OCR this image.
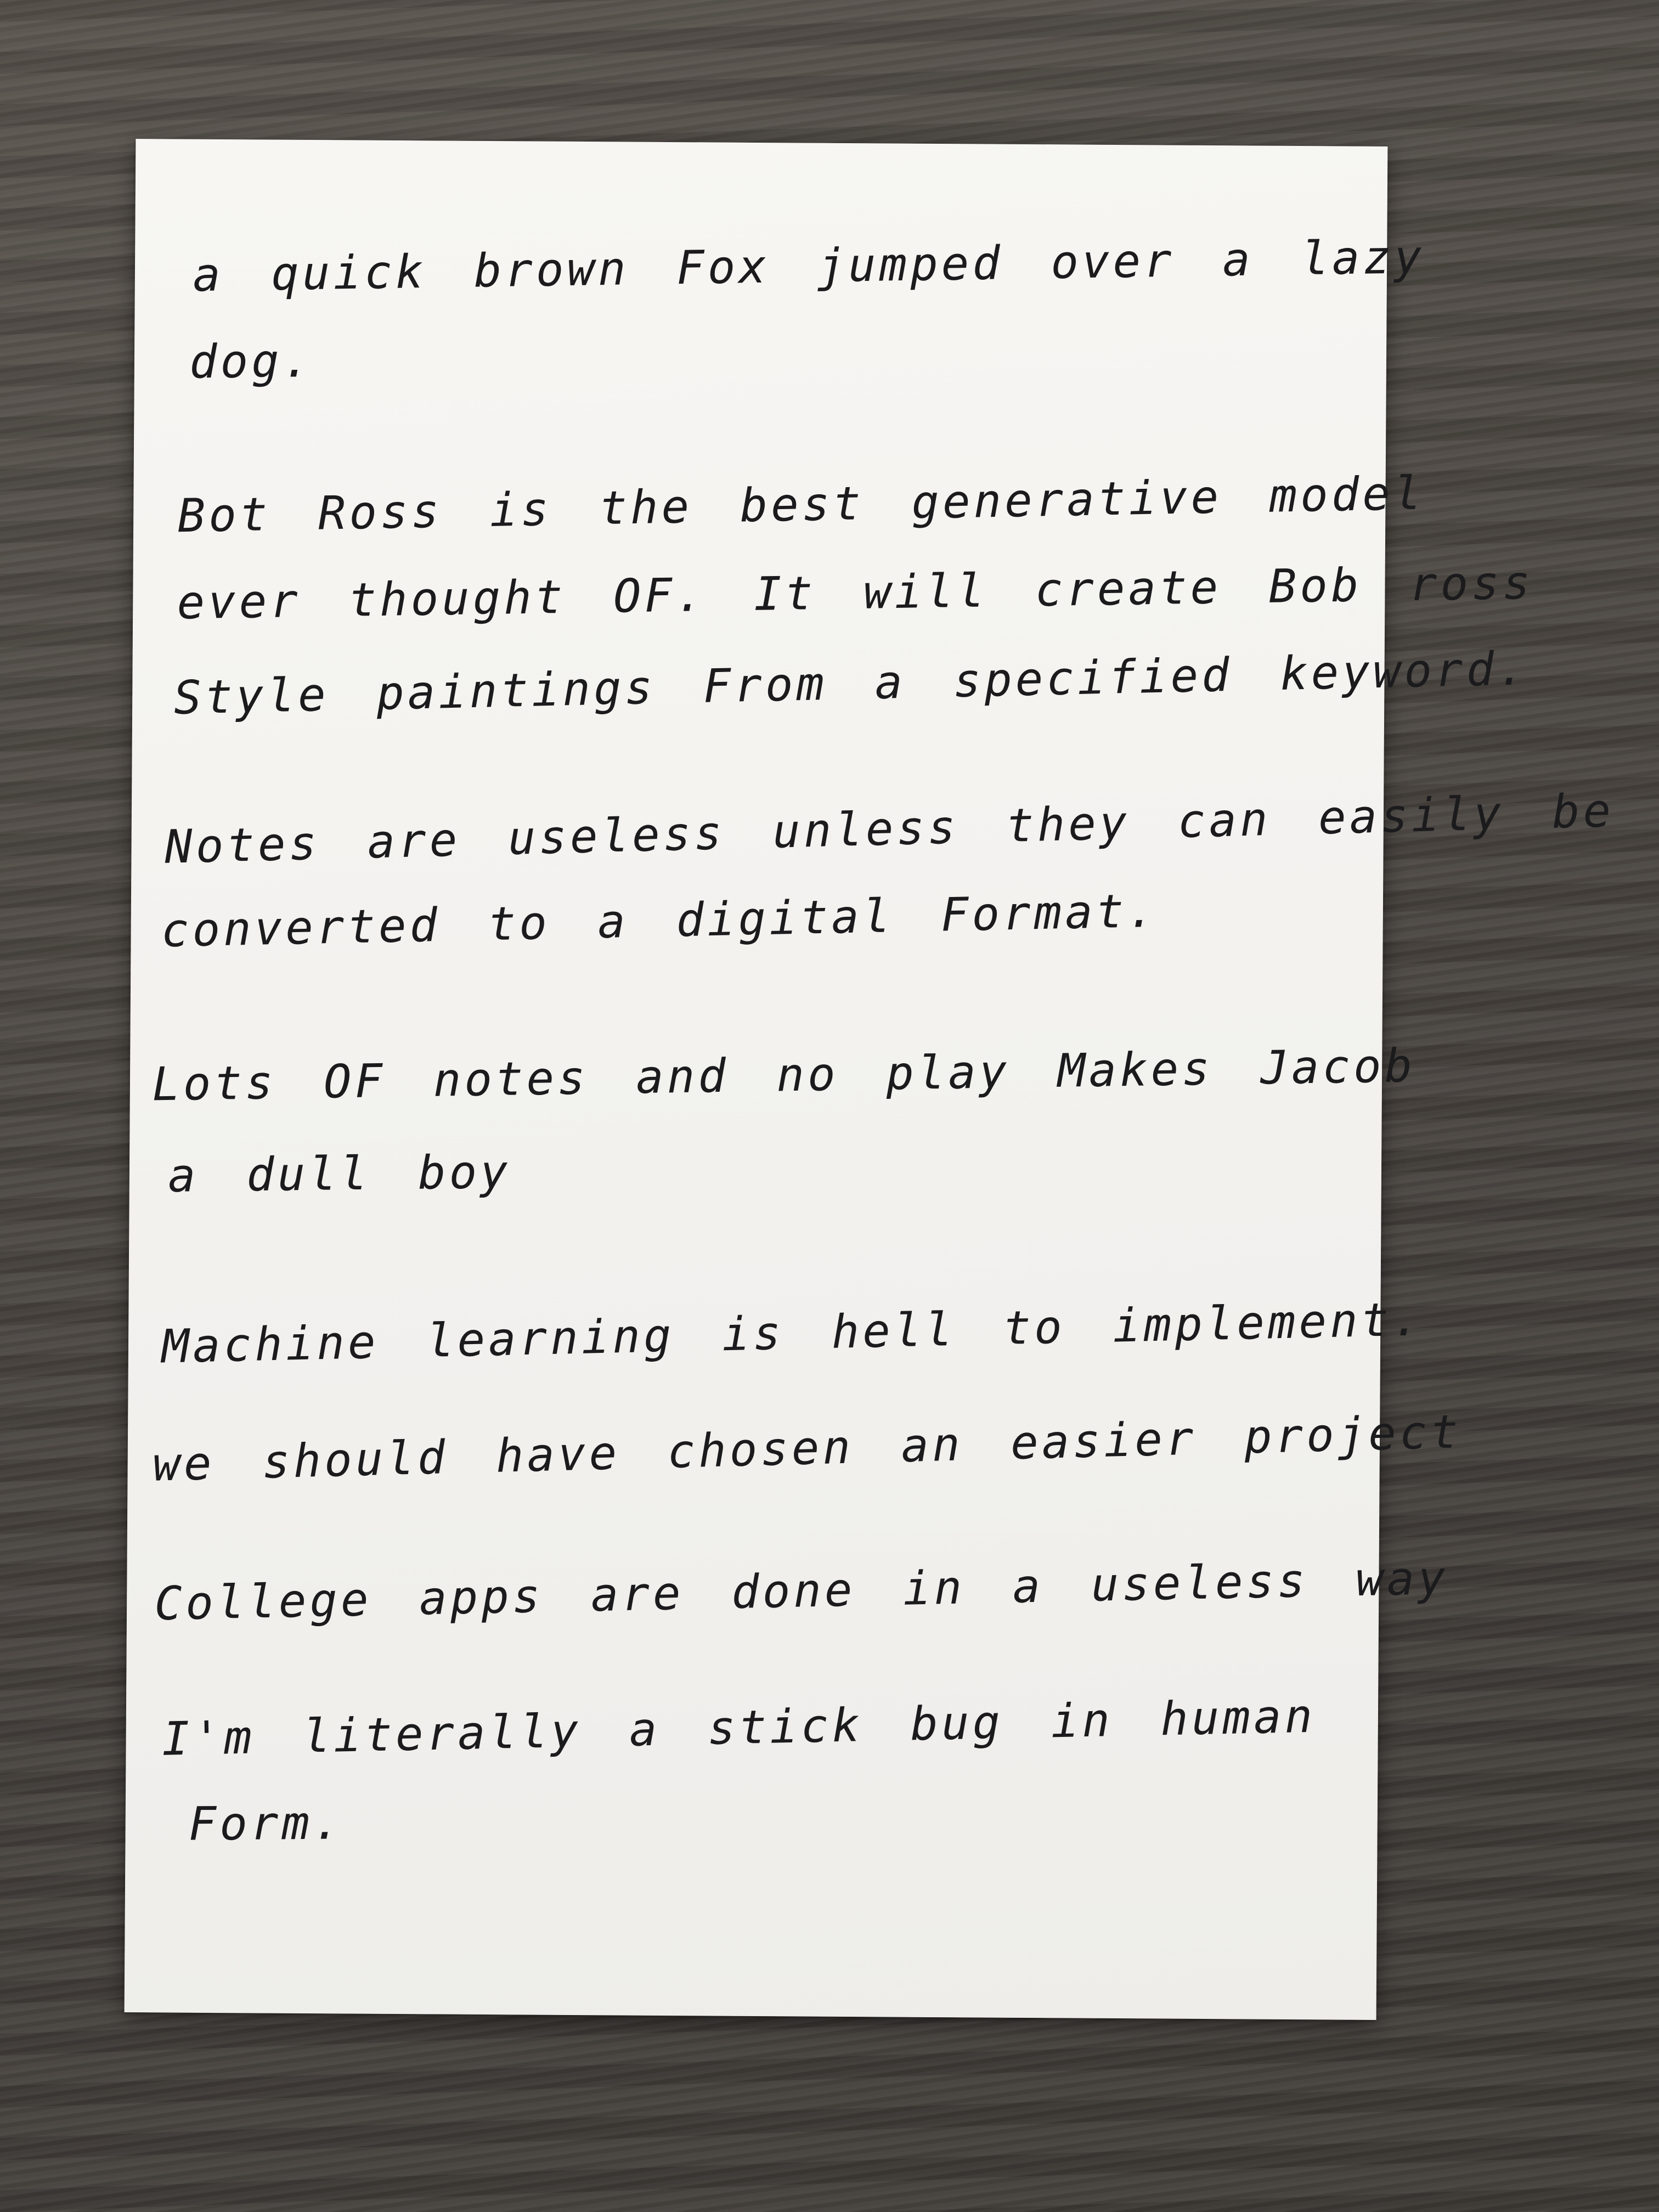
a quick brown Fox jumped over a lazy
dog.
Bot Ross is the best generative model
ever thought OF. It will create Bob ross
Style paintings From a specified keyword.
Notes are useless unless they can easily be
converted to a digital Format.
Lots OF notes and no play Makes Jacob
a dull boy
Machine learning is hell to implement.
we should have chosen an easier project
College apps are done in a useless way
I'm literally a stick bug in human
Form.
